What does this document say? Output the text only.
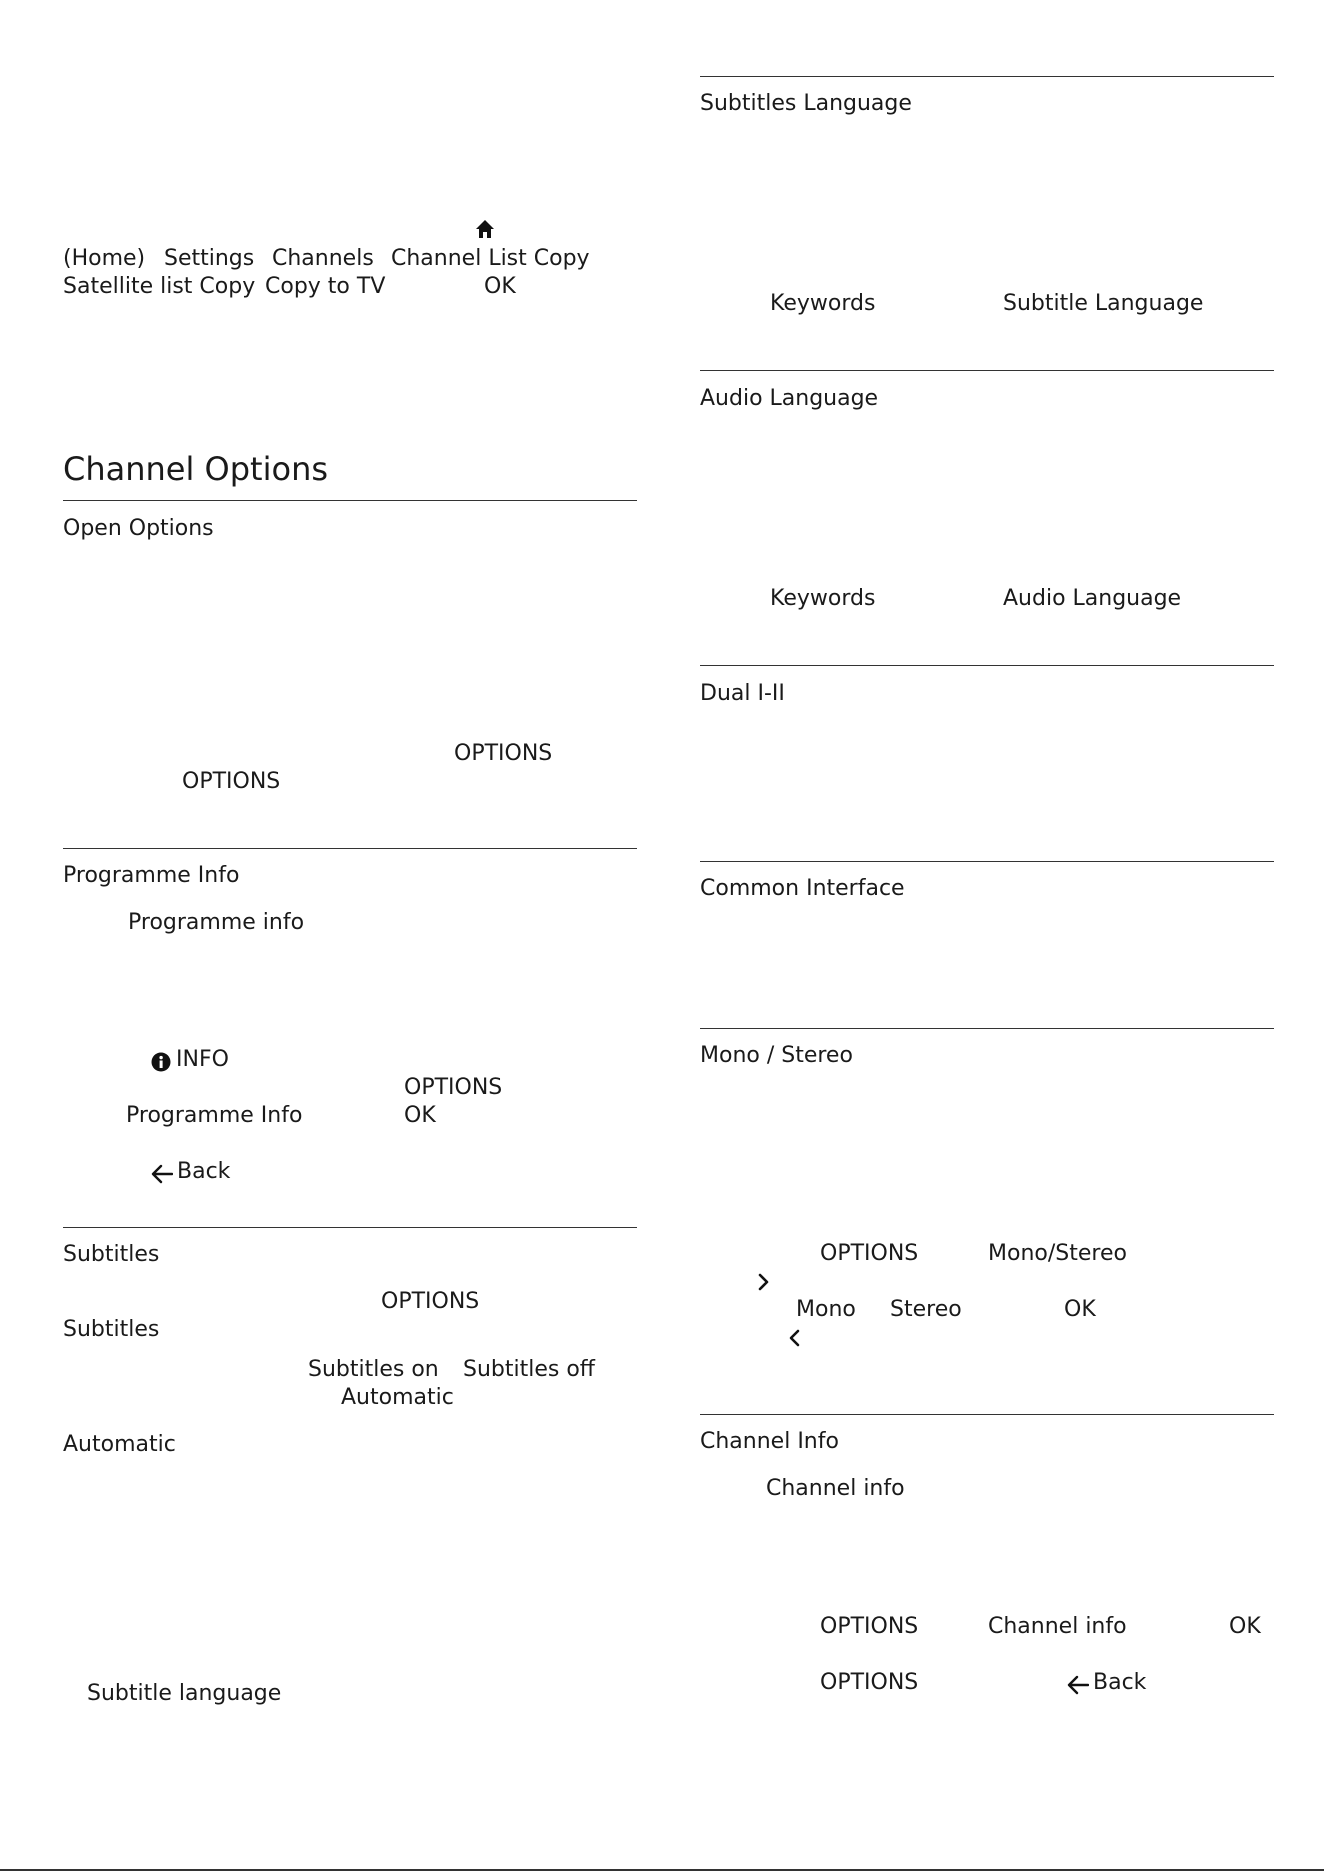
(Home) Settings Channels Channel List Copy
Satellite list Copy Copy to TV	OK
Channel Options
Open Options
OPTIONS
OPTIONS
Programme Info
Programme info
INFO
OPTIONS
Programme Info	OK
Back
Subtitles
OPTIONS
Subtitles
Subtitles on Subtitles off
Automatic
Automatic
Subtitle language
Subtitles Language
Keywords	Subtitle Language
Audio Language
Keywords	Audio Language
Dual I-II
Common Interface
Mono / Stereo
OPTIONS	Mono/Stereo
Mono Stereo	OK
Channel Info
Channel info
OPTIONS	Channel info	OK
OPTIONS	Back
